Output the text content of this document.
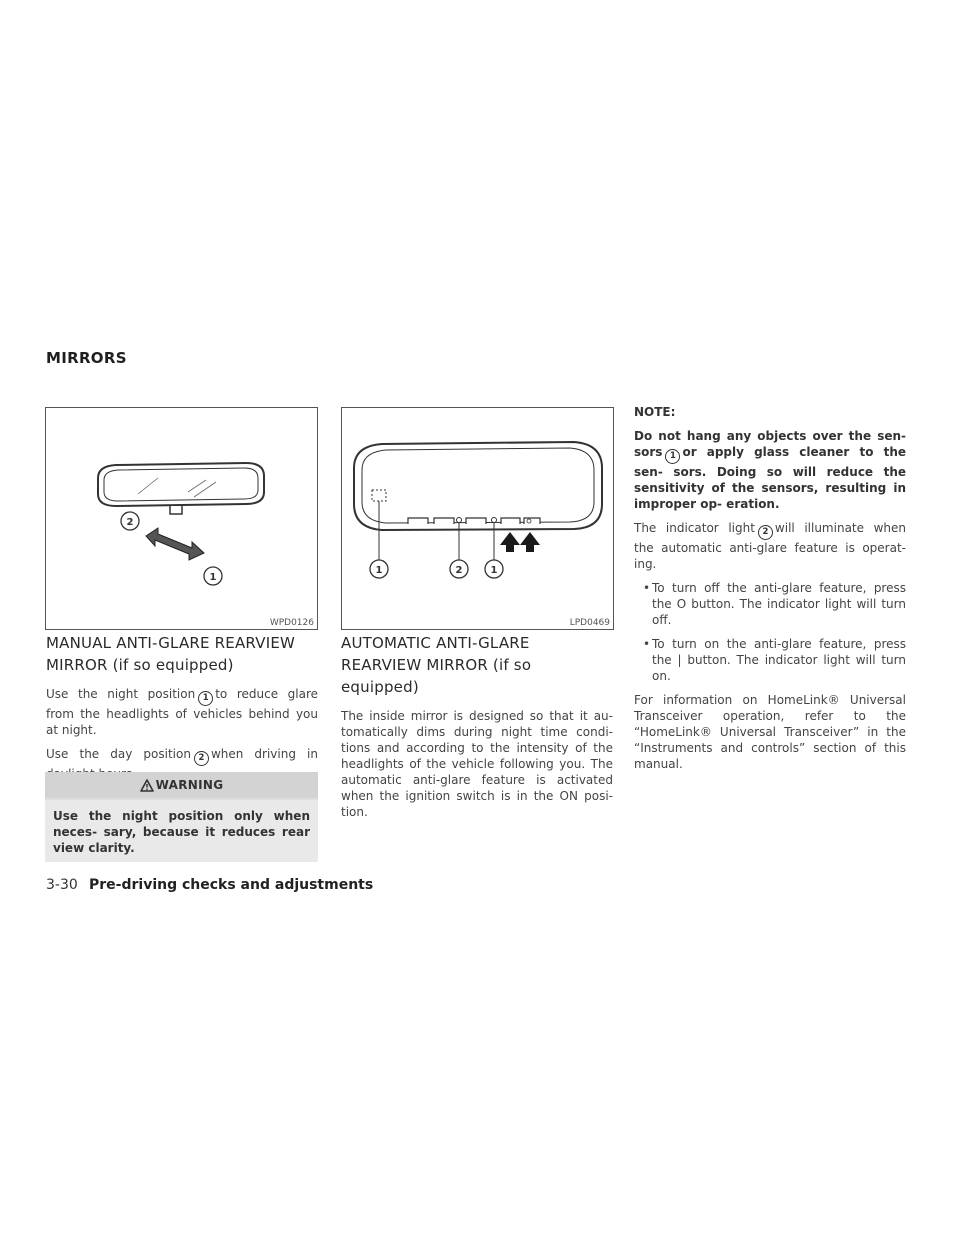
MIRRORS
2
1
WPD0126
1	2	1
LPD0469
MANUAL ANTI-GLARE REARVIEW
MIRROR (if so equipped)

Use the night position 1 to reduce glare from the headlights of vehicles behind you at night.

Use the day position 2 when driving in

WARNING
Use the night position only when neces- sary, because it reduces rear view clarity.
AUTOMATIC ANTI-GLARE
REARVIEW MIRROR (if so equipped)

The inside mirror is designed so that it au- tomatically dims during night time condi- tions and according to the intensity of the headlights of the vehicle following you. The automatic anti-glare feature is activated when the ignition switch is in the ON posi- tion.

NOTE:

Do not hang any objects over the sen- sors 1 or apply glass cleaner to the sen- sors. Doing so will reduce the sensitivity of the sensors, resulting in improper op- eration.

The indicator light 2 will illuminate when the automatic anti-glare feature is operat- ing.

• To turn off the anti-glare feature, press the O button. The indicator light will turn off.
• To turn on the anti-glare feature, press the | button. The indicator light will turn on.

For information on HomeLink® Universal Transceiver operation, refer to the “HomeLink® Universal Transceiver” in the “Instruments and controls” section of this manual.

3-30 Pre-driving checks and adjustments
